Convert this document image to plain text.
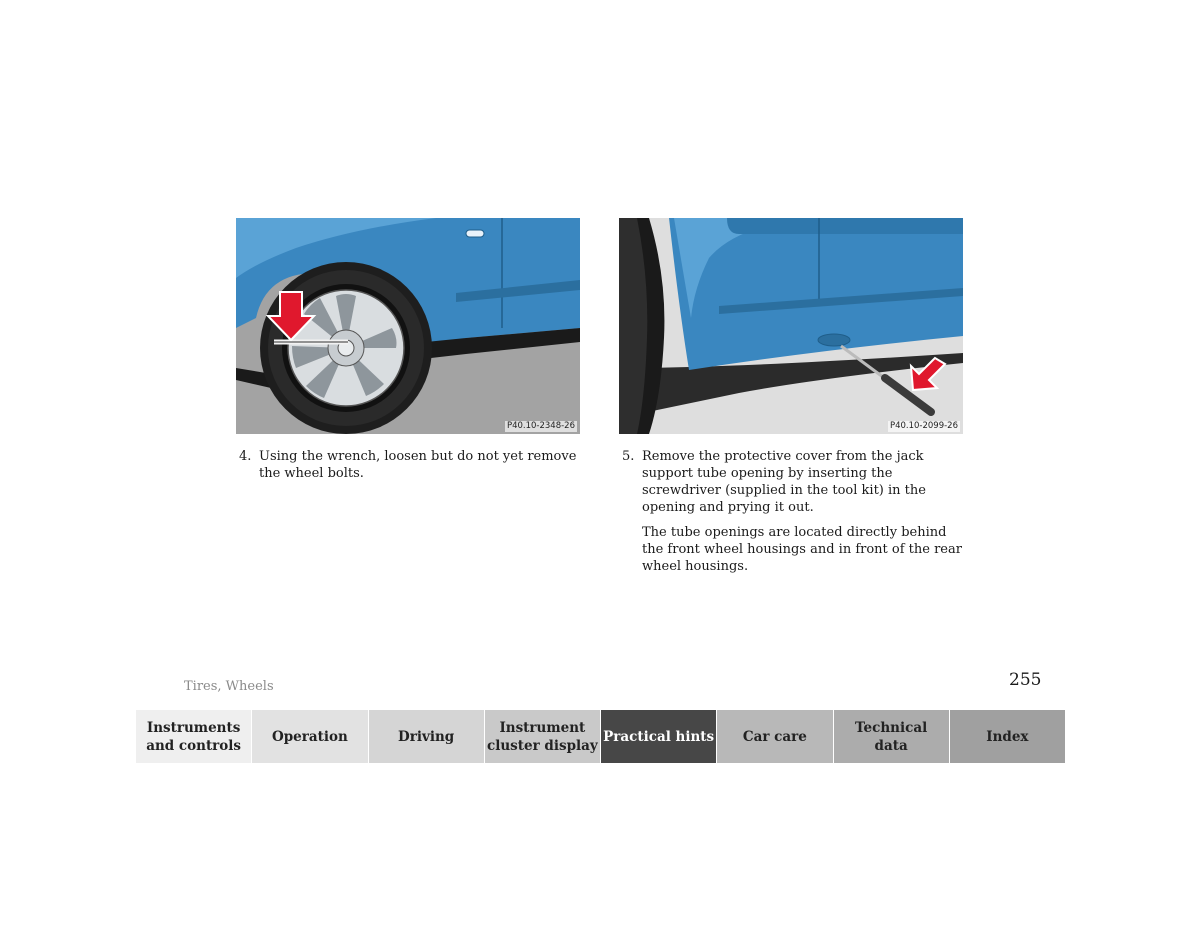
P40.10-2348-26	P40.10-2099-26
4. Using the wrench, loosen but do not yet remove the wheel bolts.

5. Remove the protective cover from the jack support tube opening by inserting the screwdriver (supplied in the tool kit) in the opening and prying it out.

The tube openings are located directly behind the front wheel housings and in front of the rear wheel housings.

Tires, Wheels	255
Instruments
and controls
Operation	Driving
Instrument
cluster display
Practical hints	Car care
Technical
data
Index
